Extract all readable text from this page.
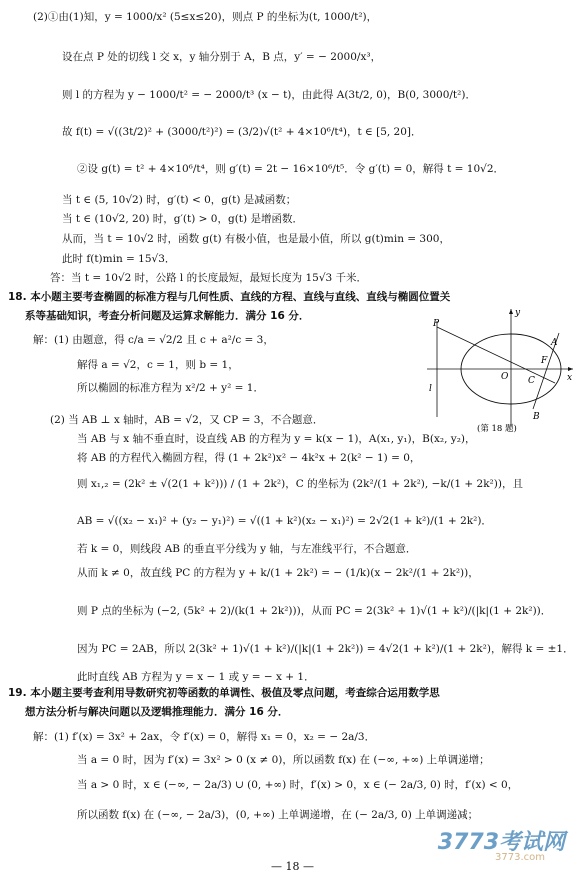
(2)①由(1)知，y = 1000/x² (5≤x≤20)，则点 P 的坐标为(t, 1000/t²)，
设在点 P 处的切线 l 交 x，y 轴分别于 A，B 点，y′ = − 2000/x³，
则 l 的方程为 y − 1000/t² = − 2000/t³ (x − t)，由此得 A(3t/2, 0)，B(0, 3000/t²)．
故 f(t) = √((3t/2)² + (3000/t²)²) = (3/2)√(t² + 4×10⁶/t⁴)，t ∈ [5, 20]．
②设 g(t) = t² + 4×10⁶/t⁴，则 g′(t) = 2t − 16×10⁶/t⁵．令 g′(t) = 0，解得 t = 10√2．
当 t ∈ (5, 10√2) 时，g′(t) < 0，g(t) 是减函数；
当 t ∈ (10√2, 20) 时，g′(t) > 0，g(t) 是增函数．
从而，当 t = 10√2 时，函数 g(t) 有极小值，也是最小值，所以 g(t)min = 300，
此时 f(t)min = 15√3．
答：当 t = 10√2 时，公路 l 的长度最短，最短长度为 15√3 千米．
18. 本小题主要考查椭圆的标准方程与几何性质、直线的方程、直线与直线、直线与椭圆位置关
系等基础知识，考查分析问题及运算求解能力．满分 16 分．
解：(1) 由题意，得 c/a = √2/2 且 c + a²/c = 3，
解得 a = √2，c = 1，则 b = 1，
所以椭圆的标准方程为 x²/2 + y² = 1．
(2) 当 AB ⊥ x 轴时，AB = √2，又 CP = 3，不合题意．
当 AB 与 x 轴不垂直时，设直线 AB 的方程为 y = k(x − 1)，A(x₁, y₁)，B(x₂, y₂)，
将 AB 的方程代入椭圆方程，得 (1 + 2k²)x² − 4k²x + 2(k² − 1) = 0，
则 x₁,₂ = (2k² ± √(2(1 + k²))) / (1 + 2k²)，C 的坐标为 (2k²/(1 + 2k²), −k/(1 + 2k²))，且
AB = √((x₂ − x₁)² + (y₂ − y₁)²) = √((1 + k²)(x₂ − x₁)²) = 2√2(1 + k²)/(1 + 2k²)．
若 k = 0，则线段 AB 的垂直平分线为 y 轴，与左准线平行，不合题意．
从而 k ≠ 0，故直线 PC 的方程为 y + k/(1 + 2k²) = − (1/k)(x − 2k²/(1 + 2k²))，
则 P 点的坐标为 (−2, (5k² + 2)/(k(1 + 2k²)))，从而 PC = 2(3k² + 1)√(1 + k²)/(|k|(1 + 2k²))．
因为 PC = 2AB，所以 2(3k² + 1)√(1 + k²)/(|k|(1 + 2k²)) = 4√2(1 + k²)/(1 + 2k²)，解得 k = ±1．
此时直线 AB 方程为 y = x − 1 或 y = − x + 1．
19. 本小题主要考查利用导数研究初等函数的单调性、极值及零点问题，考查综合运用数学思
想方法分析与解决问题以及逻辑推理能力．满分 16 分．
解：(1) f′(x) = 3x² + 2ax，令 f′(x) = 0，解得 x₁ = 0，x₂ = − 2a/3．
当 a = 0 时，因为 f′(x) = 3x² > 0 (x ≠ 0)，所以函数 f(x) 在 (−∞, +∞) 上单调递增；
当 a > 0 时，x ∈ (−∞, − 2a/3) ∪ (0, +∞) 时，f′(x) > 0，x ∈ (− 2a/3, 0) 时，f′(x) < 0，
所以函数 f(x) 在 (−∞, − 2a/3)，(0, +∞) 上单调递增，在 (− 2a/3, 0) 上单调递减；
P
y
A
F
O C	x
l
B
(第 18 题)
3773考试网
3773.com
— 18 —
